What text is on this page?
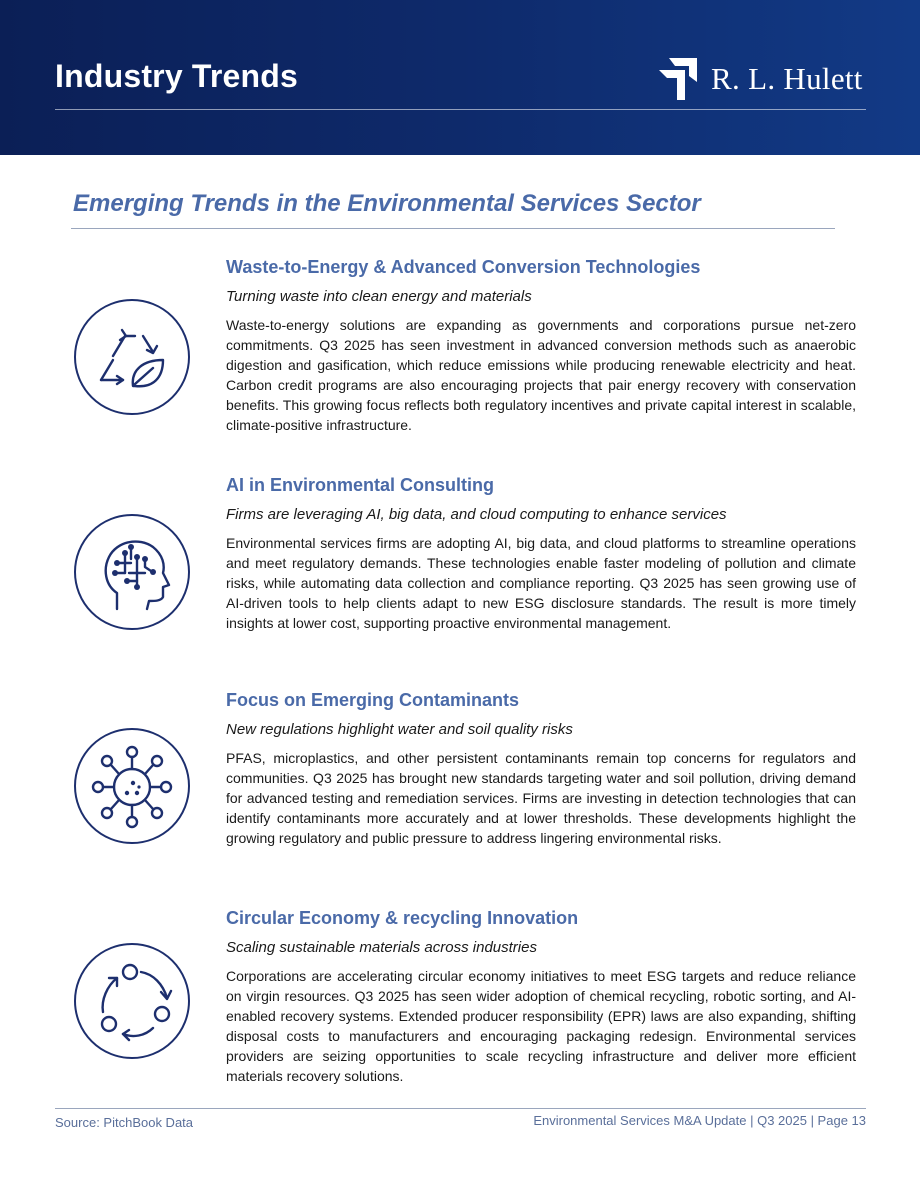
Industry Trends	R. L. Hulett
Emerging Trends in the Environmental Services Sector
Waste-to-Energy & Advanced Conversion Technologies
Turning waste into clean energy and materials
Waste-to-energy solutions are expanding as governments and corporations pursue net-zero commitments. Q3 2025 has seen investment in advanced conversion methods such as anaerobic digestion and gasification, which reduce emissions while producing renewable electricity and heat. Carbon credit programs are also encouraging projects that pair energy recovery with conservation benefits. This growing focus reflects both regulatory incentives and private capital interest in scalable, climate-positive infrastructure.
AI in Environmental Consulting
Firms are leveraging AI, big data, and cloud computing to enhance services
Environmental services firms are adopting AI, big data, and cloud platforms to streamline operations and meet regulatory demands. These technologies enable faster modeling of pollution and climate risks, while automating data collection and compliance reporting. Q3 2025 has seen growing use of AI-driven tools to help clients adapt to new ESG disclosure standards. The result is more timely insights at lower cost, supporting proactive environmental management.
Focus on Emerging Contaminants
New regulations highlight water and soil quality risks
PFAS, microplastics, and other persistent contaminants remain top concerns for regulators and communities. Q3 2025 has brought new standards targeting water and soil pollution, driving demand for advanced testing and remediation services. Firms are investing in detection technologies that can identify contaminants more accurately and at lower thresholds. These developments highlight the growing regulatory and public pressure to address lingering environmental risks.
Circular Economy & recycling Innovation
Scaling sustainable materials across industries
Corporations are accelerating circular economy initiatives to meet ESG targets and reduce reliance on virgin resources. Q3 2025 has seen wider adoption of chemical recycling, robotic sorting, and AI-enabled recovery systems. Extended producer responsibility (EPR) laws are also expanding, shifting disposal costs to manufacturers and encouraging packaging redesign. Environmental services providers are seizing opportunities to scale recycling infrastructure and deliver more efficient materials recovery solutions.
Source: PitchBook Data	Environmental Services M&A Update | Q3 2025 | Page 13
